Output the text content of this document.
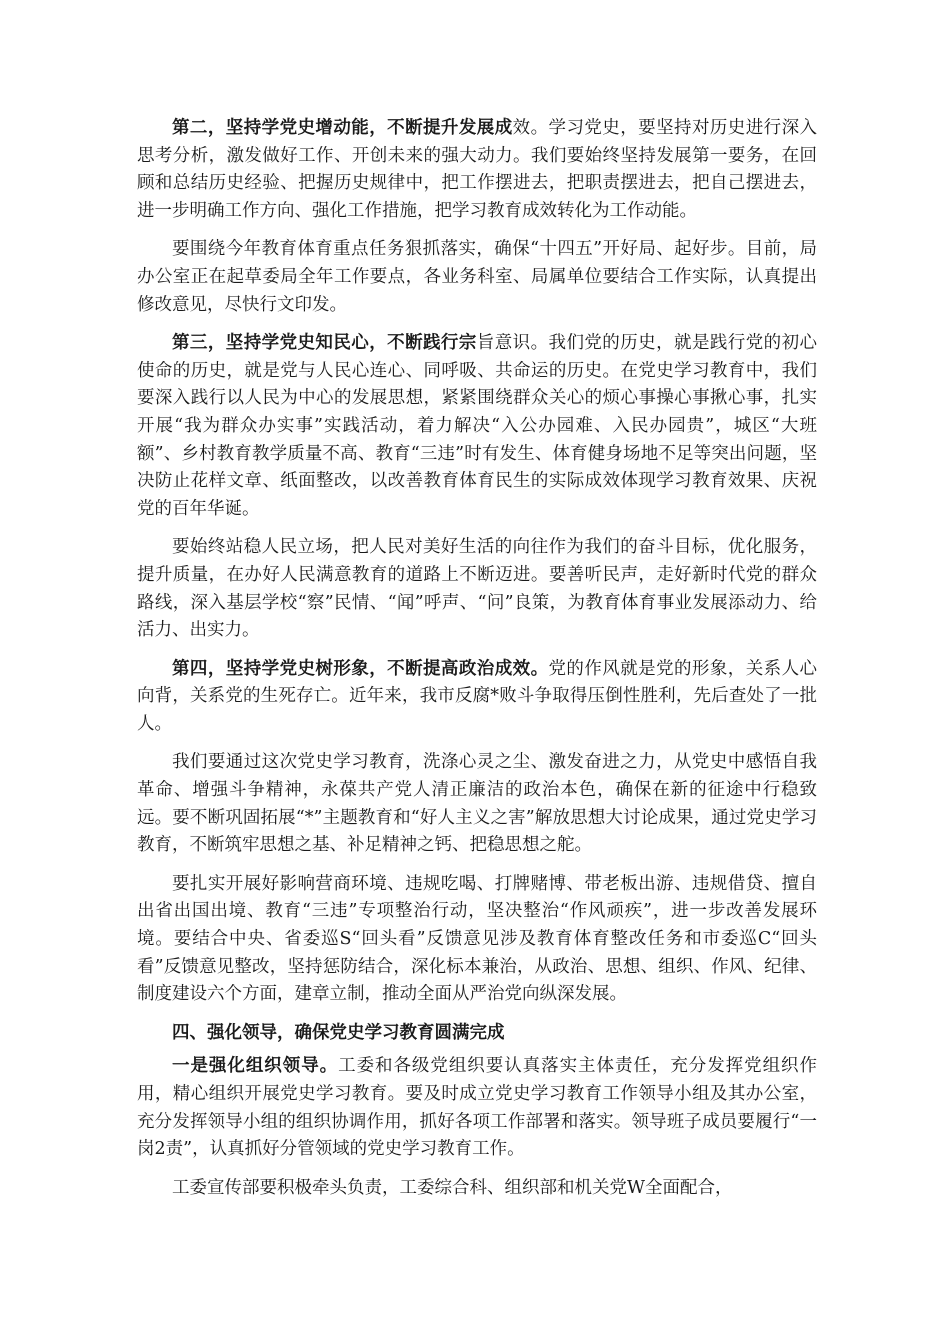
第二，坚持学党史增动能，不断提升发展成效。学习党史，要坚持对历史进行深入思考分析，激发做好工作、开创未来的强大动力。我们要始终坚持发展第一要务，在回顾和总结历史经验、把握历史规律中，把工作摆进去，把职责摆进去，把自己摆进去，进一步明确工作方向、强化工作措施，把学习教育成效转化为工作动能。

要围绕今年教育体育重点任务狠抓落实，确保“十四五”开好局、起好步。目前，局办公室正在起草委局全年工作要点，各业务科室、局属单位要结合工作实际，认真提出修改意见，尽快行文印发。

第三，坚持学党史知民心，不断践行宗旨意识。我们党的历史，就是践行党的初心使命的历史，就是党与人民心连心、同呼吸、共命运的历史。在党史学习教育中，我们要深入践行以人民为中心的发展思想，紧紧围绕群众关心的烦心事操心事揪心事，扎实开展“我为群众办实事”实践活动，着力解决“入公办园难、入民办园贵”，城区“大班额”、乡村教育教学质量不高、教育“三违”时有发生、体育健身场地不足等突出问题，坚决防止花样文章、纸面整改，以改善教育体育民生的实际成效体现学习教育效果、庆祝党的百年华诞。

要始终站稳人民立场，把人民对美好生活的向往作为我们的奋斗目标，优化服务，提升质量，在办好人民满意教育的道路上不断迈进。要善听民声，走好新时代党的群众路线，深入基层学校“察”民情、“闻”呼声、“问”良策，为教育体育事业发展添动力、给活力、出实力。

第四，坚持学党史树形象，不断提高政治成效。党的作风就是党的形象，关系人心向背，关系党的生死存亡。近年来，我市反腐*败斗争取得压倒性胜利，先后查处了一批人。

我们要通过这次党史学习教育，洗涤心灵之尘、激发奋进之力，从党史中感悟自我革命、增强斗争精神，永葆共产党人清正廉洁的政治本色，确保在新的征途中行稳致远。要不断巩固拓展“*”主题教育和“好人主义之害”解放思想大讨论成果，通过党史学习教育，不断筑牢思想之基、补足精神之钙、把稳思想之舵。

要扎实开展好影响营商环境、违规吃喝、打牌赌博、带老板出游、违规借贷、擅自出省出国出境、教育“三违”专项整治行动，坚决整治“作风顽疾”，进一步改善发展环境。要结合中央、省委巡S“回头看”反馈意见涉及教育体育整改任务和市委巡C“回头看”反馈意见整改，坚持惩防结合，深化标本兼治，从政治、思想、组织、作风、纪律、制度建设六个方面，建章立制，推动全面从严治党向纵深发展。

四、强化领导，确保党史学习教育圆满完成

一是强化组织领导。工委和各级党组织要认真落实主体责任，充分发挥党组织作用，精心组织开展党史学习教育。要及时成立党史学习教育工作领导小组及其办公室，充分发挥领导小组的组织协调作用，抓好各项工作部署和落实。领导班子成员要履行“一岗2责”，认真抓好分管领域的党史学习教育工作。

工委宣传部要积极牵头负责，工委综合科、组织部和机关党W全面配合，
